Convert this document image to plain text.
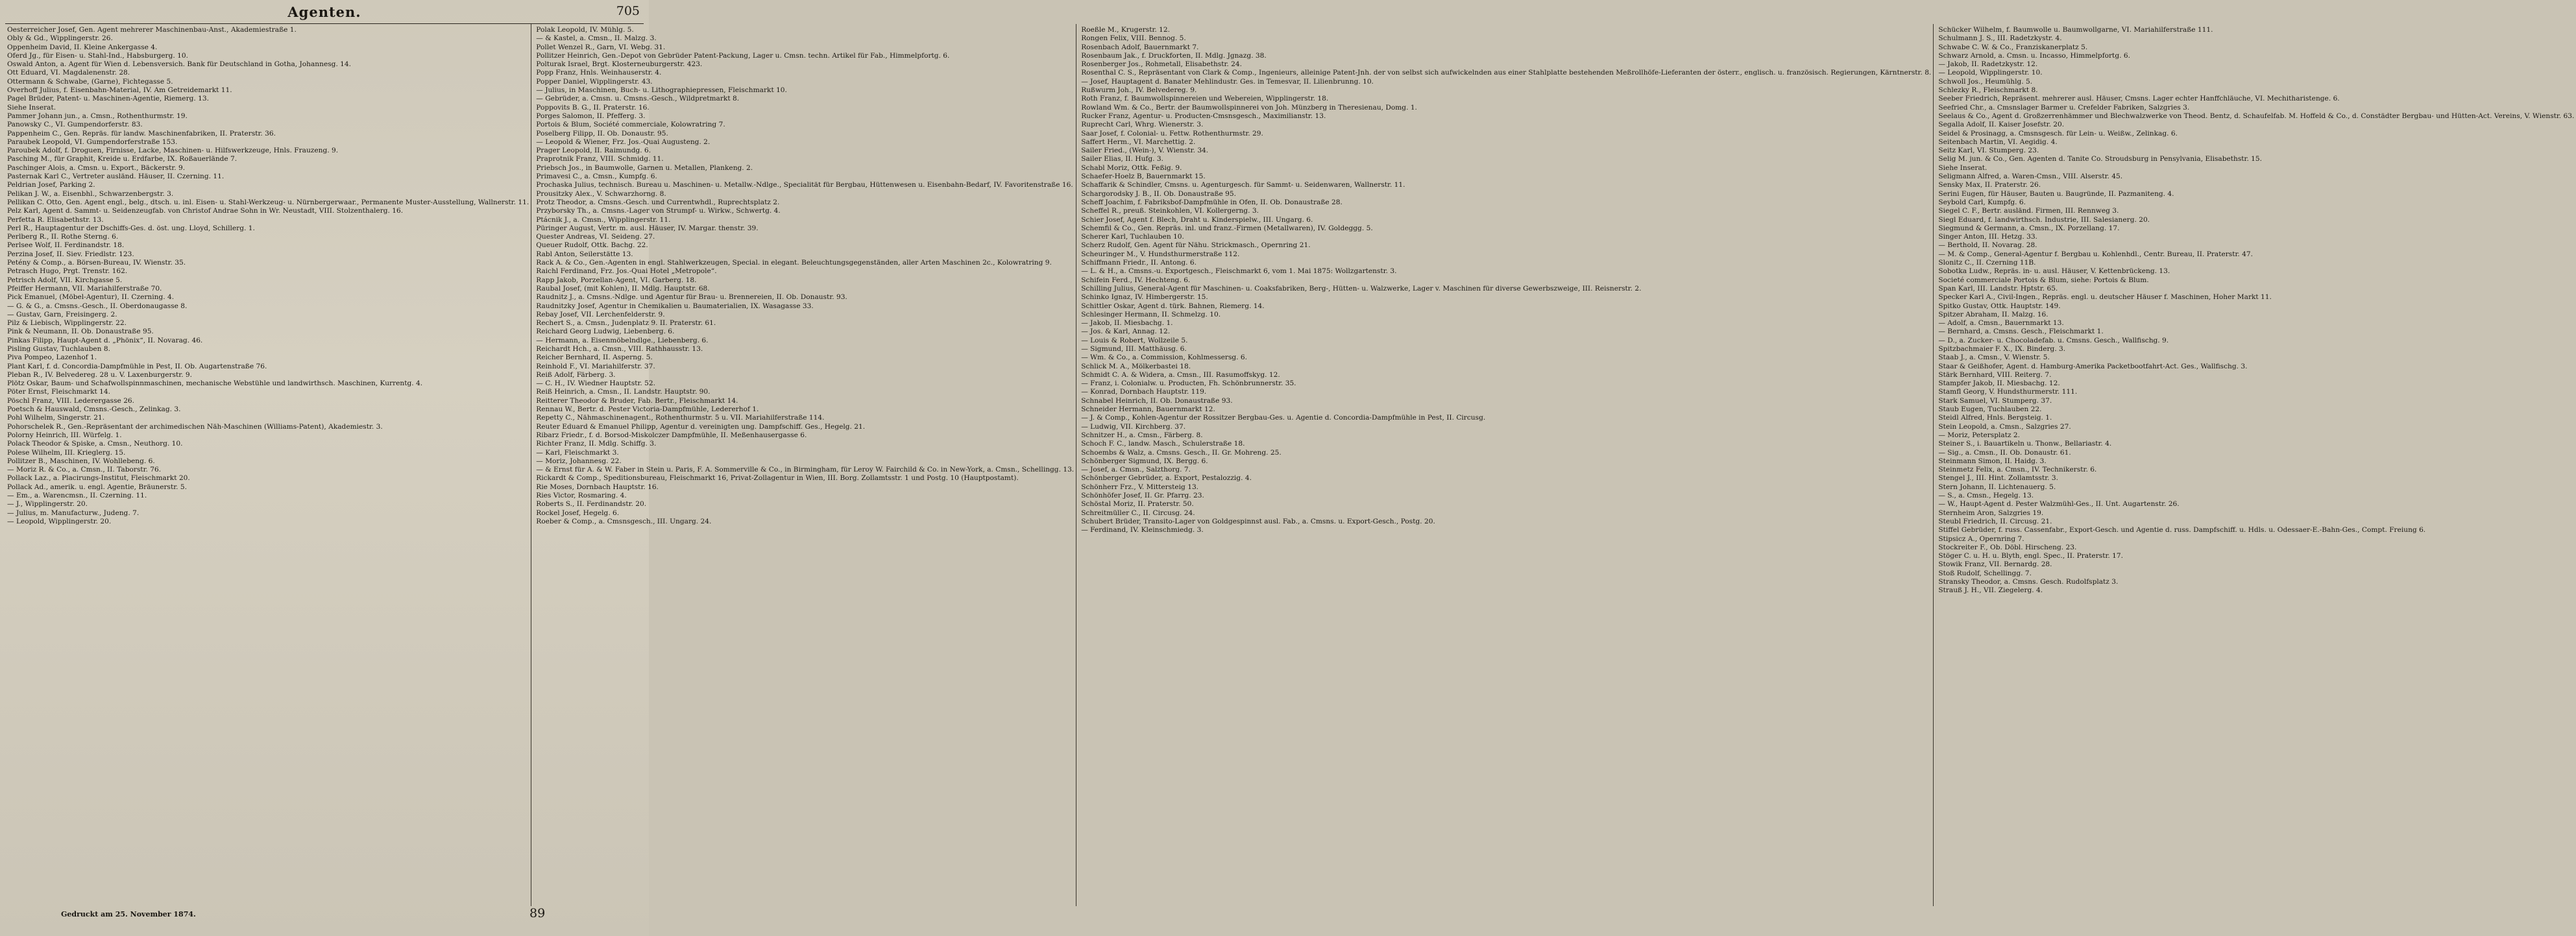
Agenten.	705

Oesterreicher Josef, Gen. Agent mehrerer Maschinenbau-Anst., Akademiestraße 1.

Obly & Gd., Wipplingerstr. 26.

Oppenheim David, II. Kleine Ankergasse 4.

Oferd Jg., für Eisen- u. Stahl-Ind., Habsburgerg. 10.

Oswald Anton, a. Agent für Wien d. Lebensversich. Bank für Deutschland in Gotha, Johannesg. 14.

Ott Eduard, VI. Magdalenenstr. 28.

Ottermann & Schwabe, (Garne), Fichtegasse 5.

Overhoff Julius, f. Eisenbahn-Material, IV. Am Getreidemarkt 11.

Pagel Brüder, Patent- u. Maschinen-Agentie, Riemerg. 13.

Siehe Inserat.

Pammer Johann jun., a. Cmsn., Rothenthurmstr. 19.

Panowsky C., VI. Gumpendorferstr. 83.

Pappenheim C., Gen. Repräs. für landw. Maschinenfabriken, II. Praterstr. 36.

Paraubek Leopold, VI. Gumpendorferstraße 153.

Paroubek Adolf, f. Droguen, Firnisse, Lacke, Maschinen- u. Hilfswerkzeuge, Hnls. Frauzeng. 9.

Pasching M., für Graphit, Kreide u. Erdfarbe, IX. Roßauerlände 7.

Paschinger Alois, a. Cmsn. u. Export., Bäckerstr. 9.

Pasternak Karl C., Vertreter ausländ. Häuser, II. Czerning. 11.

Peldrian Josef, Parking 2.

Pelikan J. W., a. Eisenbhl., Schwarzenbergstr. 3.

Pellikan C. Otto, Gen. Agent engl., belg., dtsch. u. inl. Eisen- u. Stahl-Werkzeug- u. Nürnbergerwaar., Permanente Muster-Ausstellung, Wallnerstr. 11.

Pelz Karl, Agent d. Sammt- u. Seidenzeugfab. von Christof Andrae Sohn in Wr. Neustadt, VIII. Stolzenthalerg. 16.

Perfetta R. Elisabethstr. 13.

Perl R., Hauptagentur der Dschiffs-Ges. d. öst. ung. Lloyd, Schillerg. 1.

Perlberg R., II. Rothe Sterng. 6.

Perlsee Wolf, II. Ferdinandstr. 18.

Perzina Josef, II. Siev. Friedlstr. 123.

Petény & Comp., a. Börsen-Bureau, IV. Wienstr. 35.

Petrasch Hugo, Prgt. Trenstr. 162.

Petrisch Adolf, VII. Kirchgasse 5.

Pfeiffer Hermann, VII. Mariahilferstraße 70.

Pick Emanuel, (Möbel-Agentur), II. Czerning. 4.

— G. & G., a. Cmsns.-Gesch., II. Oberdonaugasse 8.

— Gustav, Garn, Freisingerg. 2.

Pilz & Liebisch, Wipplingerstr. 22.

Pink & Neumann, II. Ob. Donaustraße 95.

Pinkas Filipp, Haupt-Agent d. „Phönix“, II. Novarag. 46.

Pisling Gustav, Tuchlauben 8.

Piva Pompeo, Lazenhof 1.

Plant Karl, f. d. Concordia-Dampfmühle in Pest, II. Ob. Augartenstraße 76.

Pleban R., IV. Belvedereg. 28 u. V. Laxenburgerstr. 9.

Plötz Oskar, Baum- und Schafwollspinnmaschinen, mechanische Webstühle und landwirthsch. Maschinen, Kurrentg. 4.

Pöter Ernst, Fleischmarkt 14.

Pöschl Franz, VIII. Lederergasse 26.

Poetsch & Hauswald, Cmsns.-Gesch., Zelinkag. 3.

Pohl Wilhelm, Singerstr. 21.

Pohorschelek R., Gen.-Repräsentant der archimedischen Näh-Maschinen (Williams-Patent), Akademiestr. 3.

Polorny Heinrich, III. Würfelg. 1.

Polack Theodor & Spiske, a. Cmsn., Neuthorg. 10.

Polese Wilhelm, III. Krieglerg. 15.

Pollitzer B., Maschinen, IV. Wohllebeng. 6.

— Moriz R. & Co., a. Cmsn., II. Taborstr. 76.

Pollack Laz., a. Placirungs-Institut, Fleischmarkt 20.

Pollack Ad., amerik. u. engl. Agentie, Bräunerstr. 5.

— Em., a. Warencmsn., II. Czerning. 11.

— J., Wipplingerstr. 20.

— Julius, m. Manufacturw., Judeng. 7.

— Leopold, Wipplingerstr. 20.

Polak Leopold, IV. Mühlg. 5.

— & Kastel, a. Cmsn., II. Malzg. 3.

Pollet Wenzel R., Garn, VI. Webg. 31.

Pollitzer Heinrich, Gen.-Depot von Gebrüder Patent-Packung, Lager u. Cmsn. techn. Artikel für Fab., Himmelpfortg. 6.

Polturak Israel, Brgt. Klosterneuburgerstr. 423.

Popp Franz, Hnls. Weinhauserstr. 4.

Popper Daniel, Wipplingerstr. 43.

— Julius, in Maschinen, Buch- u. Lithographiepressen, Fleischmarkt 10.

— Gebrüder, a. Cmsn. u. Cmsns.-Gesch., Wildpretmarkt 8.

Poppovits B. G., II. Praterstr. 16.

Porges Salomon, II. Pfefferg. 3.

Portois & Blum, Société commerciale, Kolowratring 7.

Poselberg Filipp, II. Ob. Donaustr. 95.

— Leopold & Wiener, Frz. Jos.-Quai Augusteng. 2.

Prager Leopold, II. Raimundg. 6.

Praprotnik Franz, VIII. Schmidg. 11.

Priebsch Jos., in Baumwolle, Garnen u. Metallen, Plankeng. 2.

Primavesi C., a. Cmsn., Kumpfg. 6.

Prochaska Julius, technisch. Bureau u. Maschinen- u. Metallw.-Ndlge., Specialität für Bergbau, Hüttenwesen u. Eisenbahn-Bedarf, IV. Favoritenstraße 16.

Prousitzky Alex., V. Schwarzhorng. 8.

Protz Theodor, a. Cmsns.-Gesch. und Currentwhdl., Ruprechtsplatz 2.

Przyborsky Th., a. Cmsns.-Lager von Strumpf- u. Wirkw., Schwertg. 4.

Ptácnik J., a. Cmsn., Wipplingerstr. 11.

Püringer August, Vertr. m. ausl. Häuser, IV. Margar. thenstr. 39.

Quester Andreas, VI. Seideng. 27.

Queuer Rudolf, Ottk. Bachg. 22.

Rabl Anton, Seilerstätte 13.

Rack A. & Co., Gen.-Agenten in engl. Stahlwerkzeugen, Special. in elegant. Beleuchtungsgegenständen, aller Arten Maschinen 2c., Kolowratring 9.

Raichl Ferdinand, Frz. Jos.-Quai Hotel „Metropole“.

Rapp Jakob, Porzellan-Agent, VI. Garberg. 18.

Raubal Josef, (mit Kohlen), II. Mdlg. Hauptstr. 68.

Raudnitz J., a. Cmsns.-Ndlge. und Agentur für Brau- u. Brennereien, II. Ob. Donaustr. 93.

Raudnitzky Josef, Agentur in Chemikalien u. Baumaterialien, IX. Wasagasse 33.

Rebay Josef, VII. Lerchenfelderstr. 9.

Rechert S., a. Cmsn., Judenplatz 9. II. Praterstr. 61.

Reichard Georg Ludwig, Liebenberg. 6.

— Hermann, a. Eisenmöbelndlge., Liebenberg. 6.

Reichardt Hch., a. Cmsn., VIII. Rathhausstr. 13.

Reicher Bernhard, II. Asperng. 5.

Reinhold F., VI. Mariahilferstr. 37.

Reiß Adolf, Färberg. 3.

— C. H., IV. Wiedner Hauptstr. 52.

Reiß Heinrich, a. Cmsn., II. Landstr. Hauptstr. 90.

Reitterer Theodor & Bruder, Fab. Bertr., Fleischmarkt 14.

Rennau W., Bertr. d. Pester Victoria-Dampfmühle, Ledererhof 1.

Repetty C., Nähmaschinenagent., Rothenthurmstr. 5 u. VII. Mariahilferstraße 114.

Reuter Eduard & Emanuel Philipp, Agentur d. vereinigten ung. Dampfschiff. Ges., Hegelg. 21.

Ribarz Friedr., f. d. Borsod-Miskolczer Dampfmühle, II. Meßenhausergasse 6.

Richter Franz, II. Mdlg. Schiffg. 3.

— Karl, Fleischmarkt 3.

— Moriz, Johannesg. 22.

— & Ernst für A. & W. Faber in Stein u. Paris, F. A. Sommerville & Co., in Birmingham, für Leroy W. Fairchild & Co. in New-York, a. Cmsn., Schellingg. 13.

Rickardt & Comp., Speditionsbureau, Fleischmarkt 16, Privat-Zollagentur in Wien, III. Borg. Zollamtsstr. 1 und Postg. 10 (Hauptpostamt).

Rie Moses, Dornbach Hauptstr. 16.

Ries Victor, Rosmaring. 4.

Roberts S., II. Ferdinandstr. 20.

Rockel Josef, Hegelg. 6.

Roeber & Comp., a. Cmsnsgesch., III. Ungarg. 24.

Roeßle M., Krugerstr. 12.

Rongen Felix, VIII. Bennog. 5.

Rosenbach Adolf, Bauernmarkt 7.

Rosenbaum Jak., f. Druckforten, II. Mdlg. Jgnazg. 38.

Rosenberger Jos., Rohmetall, Elisabethstr. 24.

Rosenthal C. S., Repräsentant von Clark & Comp., Ingenieurs, alleinige Patent-Jnh. der von selbst sich aufwickelnden aus einer Stahlplatte bestehenden Meßrollhöfe-Lieferanten der österr., englisch. u. französisch. Regierungen, Kärntnerstr. 8.

— Josef, Hauptagent d. Banater Mehlindustr. Ges. in Temesvar, II. Lilienbrunng. 10.

Rußwurm Joh., IV. Belvedereg. 9.

Roth Franz, f. Baumwollspinnereien und Webereien, Wipplingerstr. 18.

Rowland Wm. & Co., Bertr. der Baumwollspinnerei von Joh. Münzberg in Theresienau, Domg. 1.

Rucker Franz, Agentur- u. Producten-Cmsnsgesch., Maximilianstr. 13.

Ruprecht Carl, Whrg. Wienerstr. 3.

Saar Josef, f. Colonial- u. Fettw. Rothenthurmstr. 29.

Saffert Herm., VI. Marchettig. 2.

Sailer Fried., (Wein-), V. Wienstr. 34.

Sailer Elias, II. Hufg. 3.

Schabl Moriz, Ottk. Feßig. 9.

Schaefer-Hoelz B, Bauernmarkt 15.

Schaffarik & Schindler, Cmsns. u. Agenturgesch. für Sammt- u. Seidenwaren, Wallnerstr. 11.

Schargorodsky J. B., II. Ob. Donaustraße 95.

Scheff Joachim, f. Fabriksbof-Dampfmühle in Ofen, II. Ob. Donaustraße 28.

Scheffel R., preuß. Steinkohlen, VI. Kollergerng. 3.

Schier Josef, Agent f. Blech, Draht u. Kinderspielw., III. Ungarg. 6.

Schemfil & Co., Gen. Repräs. inl. und franz.-Firmen (Metallwaren), IV. Goldeggg. 5.

Scherer Karl, Tuchlauben 10.

Scherz Rudolf, Gen. Agent für Nähu. Strickmasch., Opernring 21.

Scheuringer M., V. Hundsthurmerstraße 112.

Schiffmann Friedr., II. Antong. 6.

— L. & H., a. Cmsns.-u. Exportgesch., Fleischmarkt 6, vom 1. Mai 1875: Wollzgartenstr. 3.

Schifein Ferd., IV. Hechteng. 6.

Schilling Julius, General-Agent für Maschinen- u. Coaksfabriken, Berg-, Hütten- u. Walzwerke, Lager v. Maschinen für diverse Gewerbszweige, III. Reisnerstr. 2.

Schinko Ignaz, IV. Himbergerstr. 15.

Schittler Oskar, Agent d. türk. Bahnen, Riemerg. 14.

Schlesinger Hermann, II. Schmelzg. 10.

— Jakob, II. Miesbachg. 1.

— Jos. & Karl, Annag. 12.

— Louis & Robert, Wollzeile 5.

— Sigmund, III. Matthäusg. 6.

— Wm. & Co., a. Commission, Kohlmessersg. 6.

Schlick M. A., Mölkerbastei 18.

Schmidt C. A. & Widera, a. Cmsn., III. Rasumoffskyg. 12.

— Franz, i. Colonialw. u. Producten, Fh. Schönbrunnerstr. 35.

— Konrad, Dornbach Hauptstr. 119.

Schnabel Heinrich, II. Ob. Donaustraße 93.

Schneider Hermann, Bauernmarkt 12.

— J. & Comp., Kohlen-Agentur der Rossitzer Bergbau-Ges. u. Agentie d. Concordia-Dampfmühle in Pest, II. Circusg.

— Ludwig, VII. Kirchberg. 37.

Schnitzer H., a. Cmsn., Färberg. 8.

Schoch F. C., landw. Masch., Schulerstraße 18.

Schoembs & Walz, a. Cmsns. Gesch., II. Gr. Mohreng. 25.

Schönberger Sigmund, IX. Bergg. 6.

— Josef, a. Cmsn., Salzthorg. 7.

Schönberger Gebrüder, a. Export, Pestalozzig. 4.

Schönherr Frz., V. Mittersteig 13.

Schönhöfer Josef, II. Gr. Pfarrg. 23.

Schöstal Moriz, II. Praterstr. 50.

Schreitmüller C., II. Circusg. 24.

Schubert Brüder, Transito-Lager von Goldgespinnst ausl. Fab., a. Cmsns. u. Export-Gesch., Postg. 20.

— Ferdinand, IV. Kleinschmiedg. 3.

Schücker Wilhelm, f. Baumwolle u. Baumwollgarne, VI. Mariahilferstraße 111.

Schulmann J. S., III. Radetzkystr. 4.

Schwabe C. W. & Co., Franziskanerplatz 5.

Schwarz Arnold, a. Cmsn. u. Incasso, Himmelpfortg. 6.

— Jakob, II. Radetzkystr. 12.

— Leopold, Wipplingerstr. 10.

Schwoll Jos., Heumühlg. 5.

Schlezky R., Fleischmarkt 8.

Seeber Friedrich, Repräsent. mehrerer ausl. Häuser, Cmsns. Lager echter Hanffchläuche, VI. Mechitharistenge. 6.

Seefried Chr., a. Cmsnslager Barmer u. Crefelder Fabriken, Salzgries 3.

Seelaus & Co., Agent d. Großzerrenhämmer und Blechwalzwerke von Theod. Bentz, d. Schaufelfab. M. Hoffeld & Co., d. Constädter Bergbau- und Hütten-Act. Vereins, V. Wienstr. 63.

Segalla Adolf, II. Kaiser Josefstr. 20.

Seidel & Prosinagg, a. Cmsnsgesch. für Lein- u. Weißw., Zelinkag. 6.

Seitenbach Martin, VI. Aegidig. 4.

Seitz Karl, VI. Stumperg. 23.

Selig M. jun. & Co., Gen. Agenten d. Tanite Co. Stroudsburg in Pensylvania, Elisabethstr. 15.

Siehe Inserat.

Seligmann Alfred, a. Waren-Cmsn., VIII. Alserstr. 45.

Sensky Max, II. Praterstr. 26.

Serini Eugen, für Häuser, Bauten u. Baugründe, II. Pazmaniteng. 4.

Seybold Carl, Kumpfg. 6.

Siegel C. F., Bertr. ausländ. Firmen, III. Rennweg 3.

Siegl Eduard, f. landwirthsch. Industrie, III. Salesianerg. 20.

Siegmund & Germann, a. Cmsn., IX. Porzellang. 17.

Singer Anton, III. Hetzg. 33.

— Berthold, II. Novarag. 28.

— M. & Comp., General-Agentur f. Bergbau u. Kohlenhdl., Centr. Bureau, II. Praterstr. 47.

Slonitz C., II. Czerning 11B.

Sobotka Ludw., Repräs. in- u. ausl. Häuser, V. Kettenbrückeng. 13.

Societé commerciale Portois & Blum, siehe: Portois & Blum.

Span Karl, III. Landstr. Hptstr. 65.

Specker Karl A., Civil-Ingen., Repräs. engl. u. deutscher Häuser f. Maschinen, Hoher Markt 11.

Spitko Gustav, Ottk. Hauptstr. 149.

Spitzer Abraham, II. Malzg. 16.

— Adolf, a. Cmsn., Bauernmarkt 13.

— Bernhard, a. Cmsns. Gesch., Fleischmarkt 1.

— D., a. Zucker- u. Chocoladefab. u. Cmsns. Gesch., Wallfischg. 9.

Spitzbachmaier F. X., IX. Binderg. 3.

Staab J., a. Cmsn., V. Wienstr. 5.

Staar & Geißhofer, Agent. d. Hamburg-Amerika Packetbootfahrt-Act. Ges., Wallfischg. 3.

Stärk Bernhard, VIII. Reiterg. 7.

Stampfer Jakob, II. Miesbachg. 12.

Stamfl Georg, V. Hundsthurmerstr. 111.

Stark Samuel, VI. Stumperg. 37.

Staub Eugen, Tuchlauben 22.

Steidl Alfred, Hnls. Bergsteig. 1.

Stein Leopold, a. Cmsn., Salzgries 27.

— Moriz, Petersplatz 2.

Steiner S., i. Bauartikeln u. Thonw., Bellariastr. 4.

— Sig., a. Cmsn., II. Ob. Donaustr. 61.

Steinmann Simon, II. Haidg. 3.

Steinmetz Felix, a. Cmsn., IV. Technikerstr. 6.

Stengel J., III. Hint. Zollamtsstr. 3.

Stern Johann, II. Lichtenauerg. 5.

— S., a. Cmsn., Hegelg. 13.

— W., Haupt-Agent d. Pester Walzmühl-Ges., II. Unt. Augartenstr. 26.

Sternheim Aron, Salzgries 19.

Steubl Friedrich, II. Circusg. 21.

Stiffel Gebrüder, f. russ. Cassenfabr., Export-Gesch. und Agentie d. russ. Dampfschiff. u. Hdls. u. Odessaer-E.-Bahn-Ges., Compt. Freiung 6.

Stipsicz A., Opernring 7.

Stockreiter F., Ob. Döbl. Hirscheng. 23.

Stöger C. u. H. u. Blyth, engl. Spec., II. Praterstr. 17.

Stowik Franz, VII. Bernardg. 28.

Stoß Rudolf, Schellingg. 7.

Stransky Theodor, a. Cmsns. Gesch. Rudolfsplatz 3.

Strauß J. H., VII. Ziegelerg. 4.

Gedruckt am 25. November 1874.	89
